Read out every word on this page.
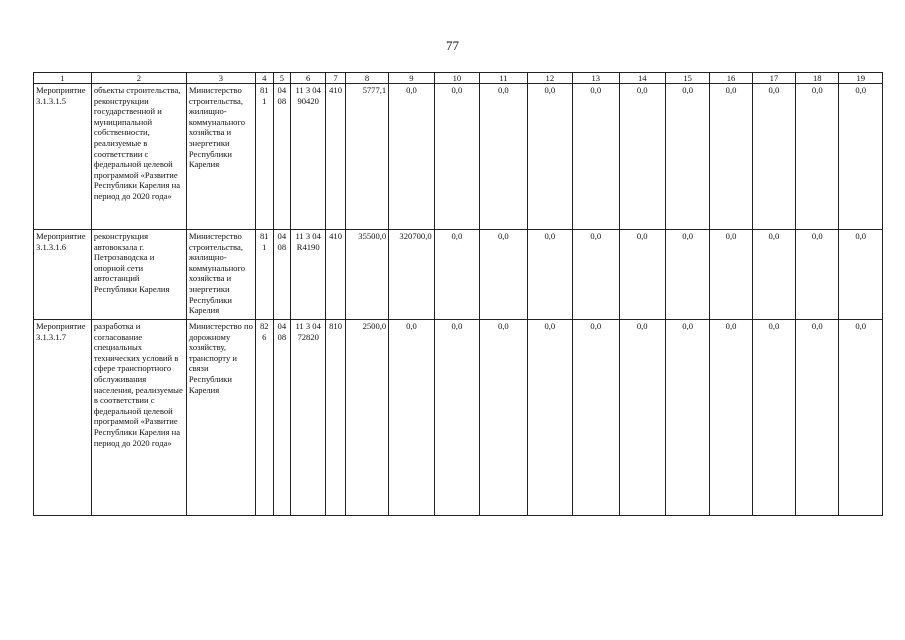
77
1	2	3	4	5	6	7	8	9	10	11	12	13	14	15	16	17	18	19
Мероприятие 3.1.3.1.5	объекты строительства, реконструкции государственной и муниципальной собственности, реализуемые в соответствии с федеральной целевой программой «Развитие Республики Карелия на период до 2020 года»	Министерство строительства, жилищно-коммунального хозяйства и энергетики Республики Карелия	811	04 08	11 3 04 90420	410	5777,1	0,0	0,0	0,0	0,0	0,0	0,0	0,0	0,0	0,0	0,0	0,0
Мероприятие 3.1.3.1.6	реконструкция автовокзала г. Петрозаводска и опорной сети автостанций Республики Карелия	Министерство строительства, жилищно-коммунального хозяйства и энергетики Республики Карелия	811	04 08	11 3 04 R4190	410	35500,0	320700,0	0,0	0,0	0,0	0,0	0,0	0,0	0,0	0,0	0,0	0,0
Мероприятие 3.1.3.1.7	разработка и согласование специальных технических условий в сфере транспортного обслуживания населения, реализуемые в соответствии с федеральной целевой программой «Развитие Республики Карелия на период до 2020 года»	Министерство по дорожному хозяйству, транспорту и связи Республики Карелия	826	04 08	11 3 04 72820	810	2500,0	0,0	0,0	0,0	0,0	0,0	0,0	0,0	0,0	0,0	0,0	0,0
